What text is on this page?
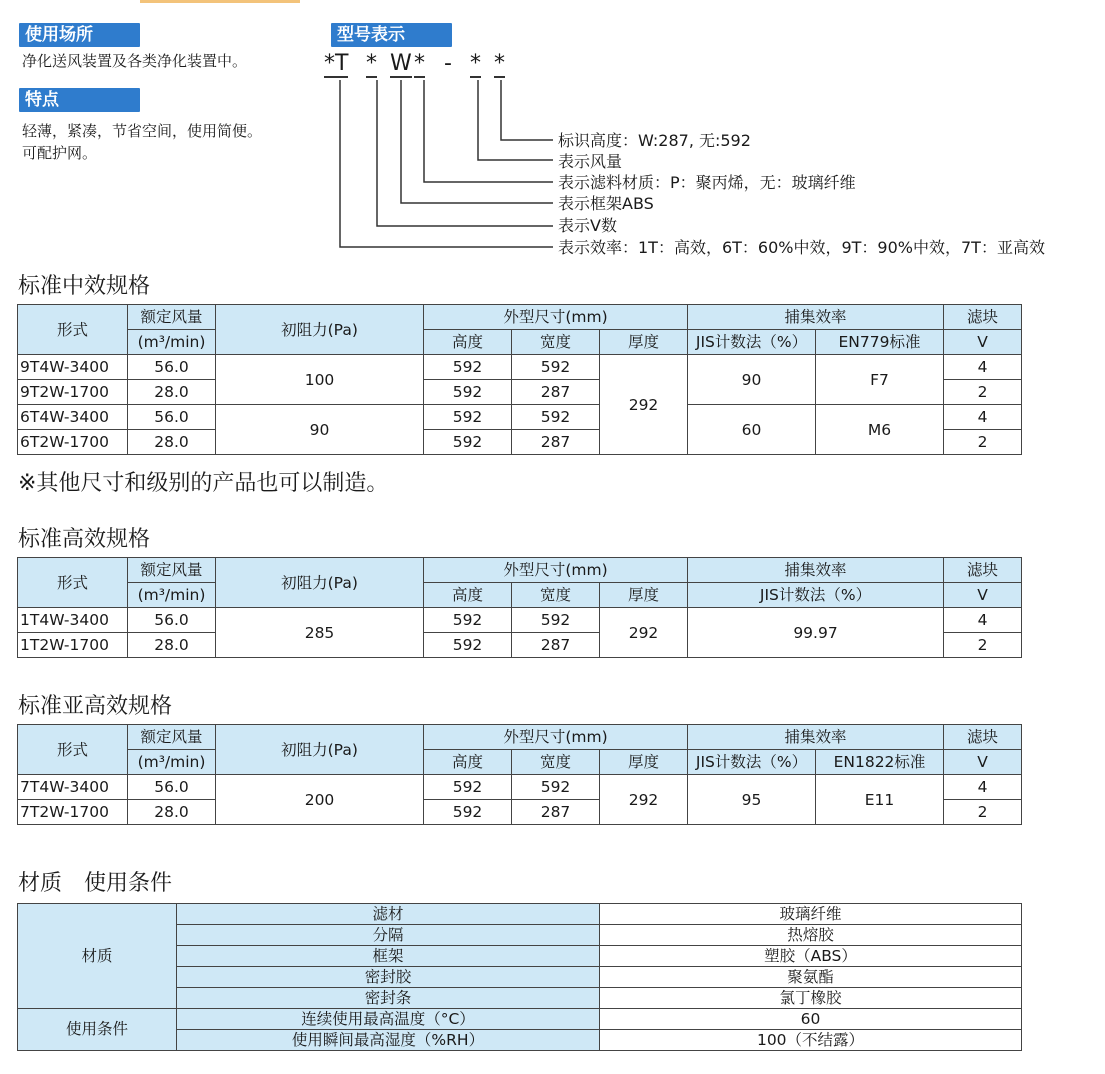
使用场所
净化送风装置及各类净化装置中。
特点
轻薄，紧凑，节省空间，使用简便。
可配护网。
型号表示
*T * W * - * *
标识高度：W:287, 无:592
表示风量
表示滤料材质：P：聚丙烯，无：玻璃纤维
表示框架ABS
表示V数
表示效率：1T：高效，6T：60%中效，9T：90%中效，7T：亚高效
标准中效规格
形式	额定风量	初阻力(Pa)	外型尺寸(mm)			捕集效率		滤块
	(m³/min)		高度	宽度	厚度	JIS计数法（%）	EN779标准	V
9T4W-3400	56.0	100	592	592	292	90	F7	4
9T2W-1700	28.0		592	287				2
6T4W-3400	56.0	90	592	592		60	M6	4
6T2W-1700	28.0		592	287				2
※其他尺寸和级别的产品也可以制造。
标准高效规格
形式	额定风量	初阻力(Pa)	外型尺寸(mm)			捕集效率	滤块
	(m³/min)		高度	宽度	厚度	JIS计数法（%）	V
1T4W-3400	56.0	285	592	592	292	99.97	4
1T2W-1700	28.0		592	287			2
标准亚高效规格
形式	额定风量	初阻力(Pa)	外型尺寸(mm)			捕集效率		滤块
	(m³/min)		高度	宽度	厚度	JIS计数法（%）	EN1822标准	V
7T4W-3400	56.0	200	592	592	292	95	E11	4
7T2W-1700	28.0		592	287				2
材质　使用条件
材质	滤材	玻璃纤维
	分隔	热熔胶
	框架	塑胶（ABS）
	密封胶	聚氨酯
	密封条	氯丁橡胶
使用条件	连续使用最高温度（°C）	60
	使用瞬间最高湿度（%RH）	100（不结露）
